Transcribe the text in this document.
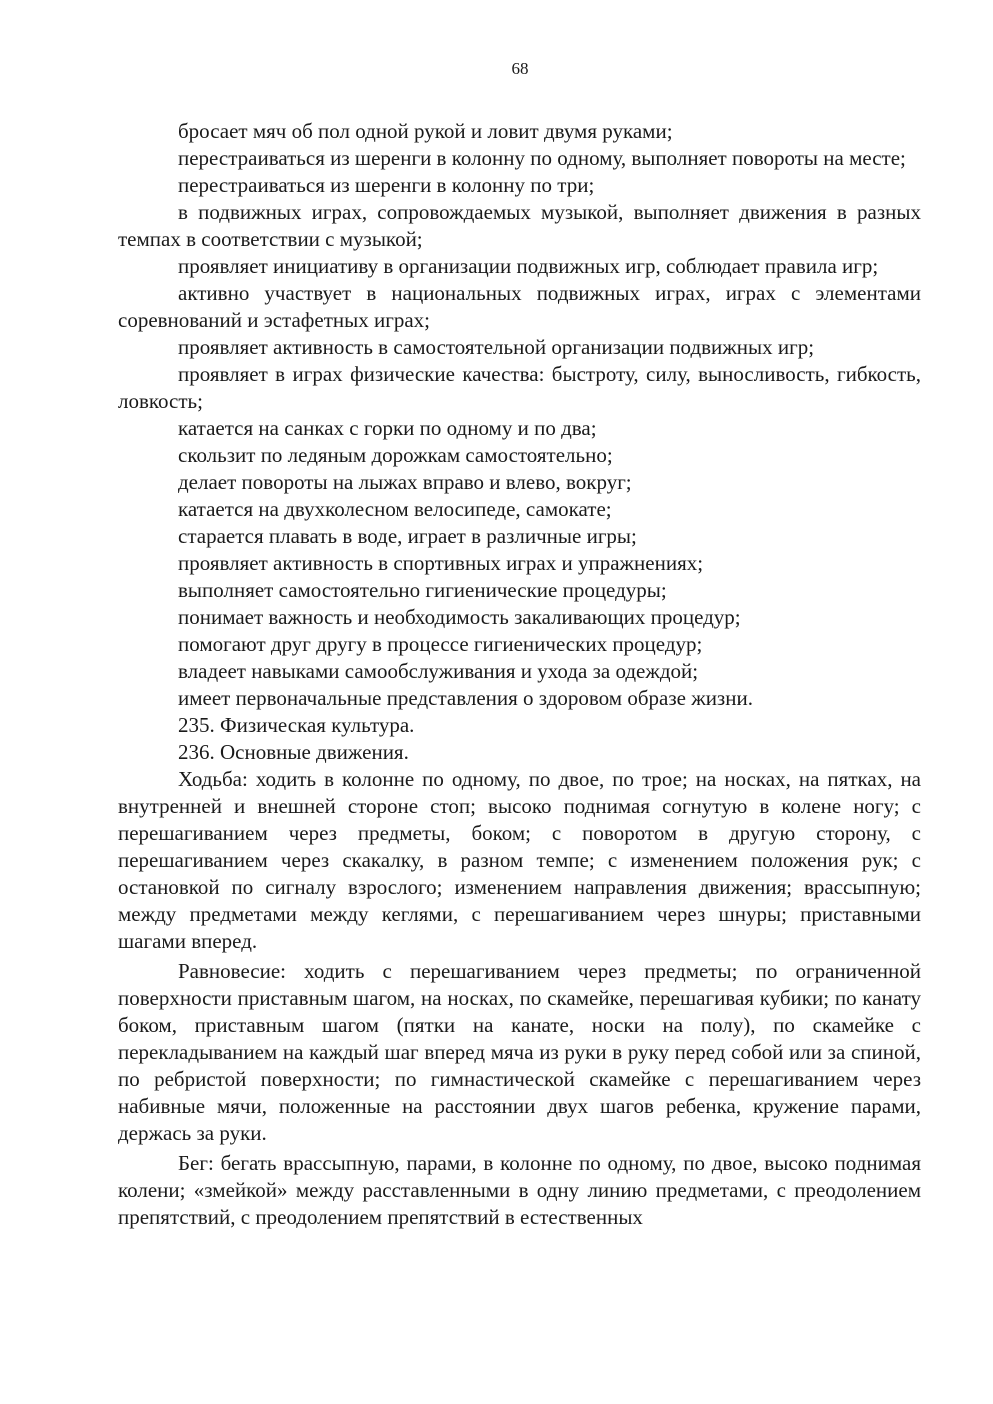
68

бросает мяч об пол одной рукой и ловит двумя руками;

перестраиваться из шеренги в колонну по одному, выполняет повороты на месте;

перестраиваться из шеренги в колонну по три;

в подвижных играх, сопровождаемых музыкой, выполняет движения в разных темпах в соответствии с музыкой;

проявляет инициативу в организации подвижных игр, соблюдает правила игр;

активно участвует в национальных подвижных играх, играх с элементами соревнований и эстафетных играх;

проявляет активность в самостоятельной организации подвижных игр;

проявляет в играх физические качества: быстроту, силу, выносливость, гибкость, ловкость;

катается на санках с горки по одному и по два;

скользит по ледяным дорожкам самостоятельно;

делает повороты на лыжах вправо и влево, вокруг;

катается на двухколесном велосипеде, самокате;

старается плавать в воде, играет в различные игры;

проявляет активность в спортивных играх и упражнениях;

выполняет самостоятельно гигиенические процедуры;

понимает важность и необходимость закаливающих процедур;

помогают друг другу в процессе гигиенических процедур;

владеет навыками самообслуживания и ухода за одеждой;

имеет первоначальные представления о здоровом образе жизни.

235. Физическая культура.

236. Основные движения.

Ходьба: ходить в колонне по одному, по двое, по трое; на носках, на пятках, на внутренней и внешней стороне стоп; высоко поднимая согнутую в колене ногу; с перешагиванием через предметы, боком; с поворотом в другую сторону, с перешагиванием через скакалку, в разном темпе; с изменением положения рук; с остановкой по сигналу взрослого; изменением направления движения; врассыпную; между предметами между кеглями, с перешагиванием через шнуры; приставными шагами вперед.

Равновесие: ходить с перешагиванием через предметы; по ограниченной поверхности приставным шагом, на носках, по скамейке, перешагивая кубики; по канату боком, приставным шагом (пятки на канате, носки на полу), по скамейке с перекладыванием на каждый шаг вперед мяча из руки в руку перед собой или за спиной, по ребристой поверхности; по гимнастической скамейке с перешагиванием через набивные мячи, положенные на расстоянии двух шагов ребенка, кружение парами, держась за руки.

Бег: бегать врассыпную, парами, в колонне по одному, по двое, высоко поднимая колени; «змейкой» между расставленными в одну линию предметами, с преодолением препятствий, с преодолением препятствий в естественных
